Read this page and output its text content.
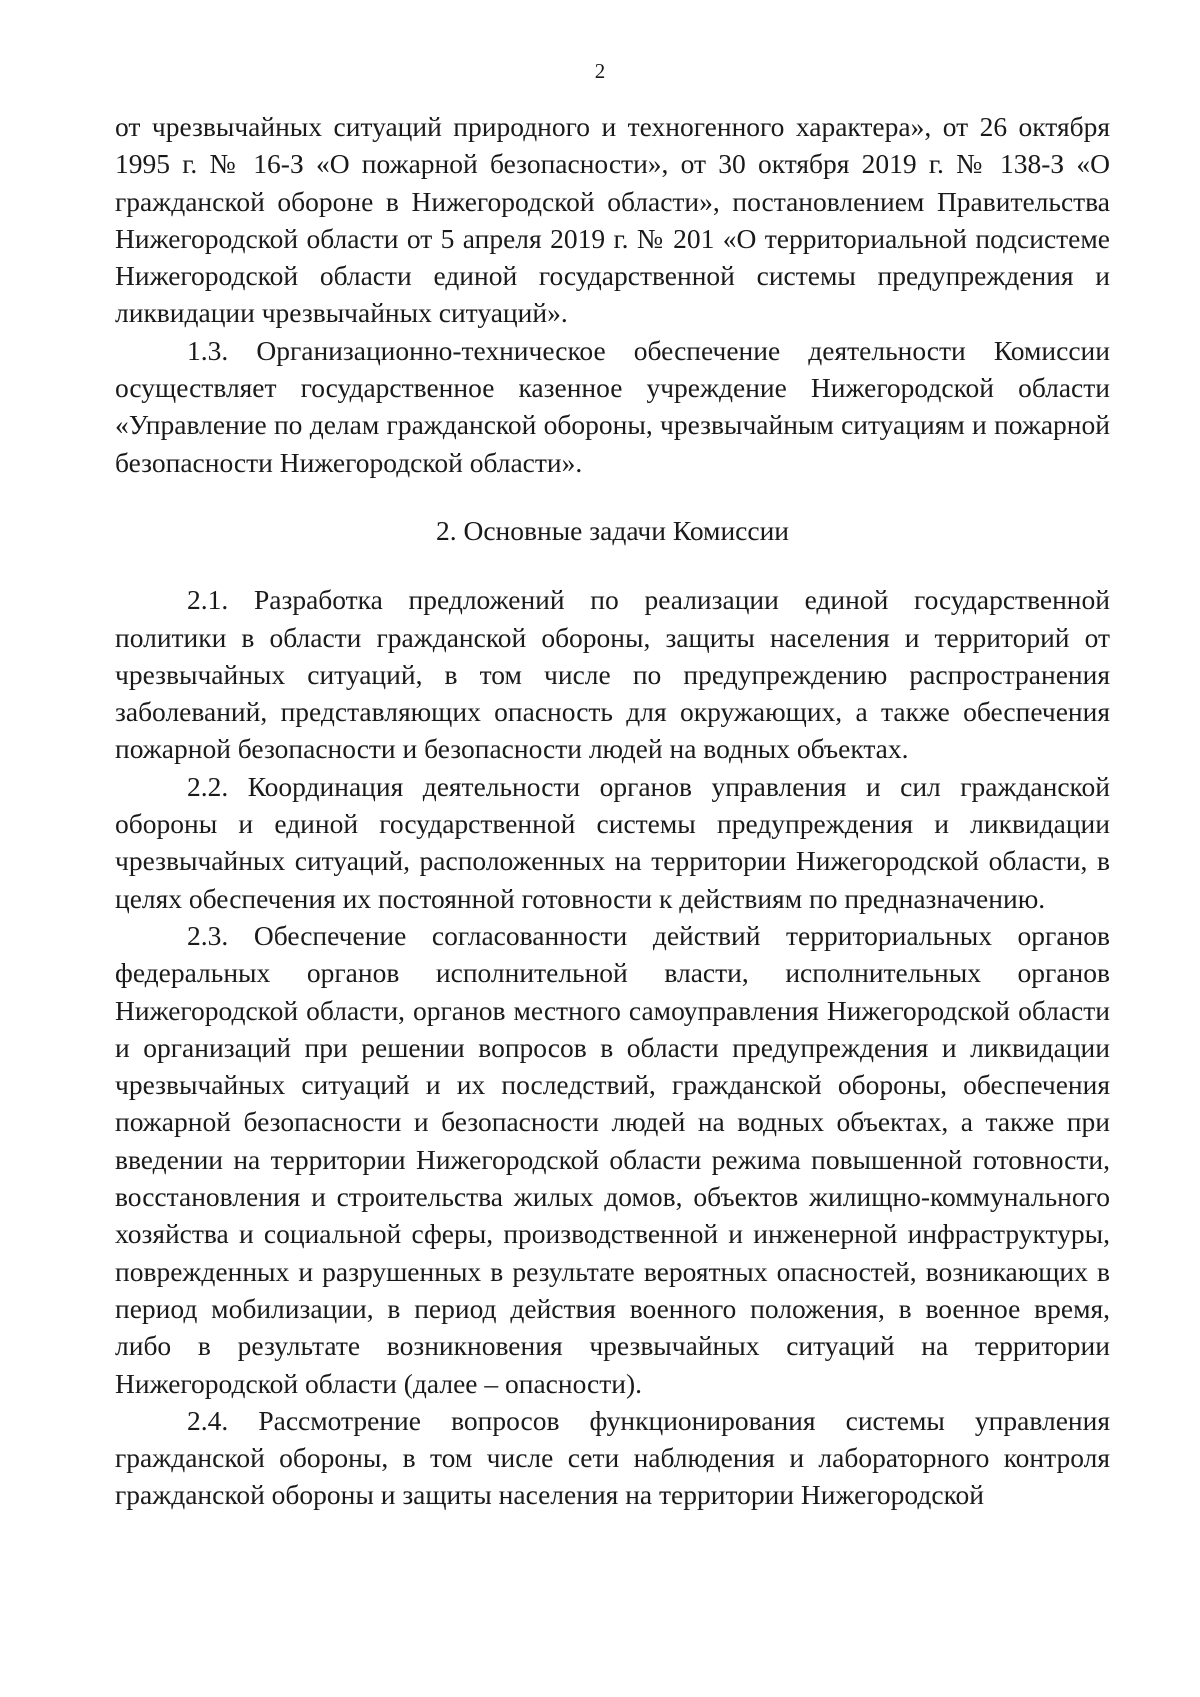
2

от чрезвычайных ситуаций природного и техногенного характера», от 26 октября 1995 г. № 16-З «О пожарной безопасности», от 30 октября 2019 г. № 138-З «О гражданской обороне в Нижегородской области», постановлением Правительства Нижегородской области от 5 апреля 2019 г. № 201 «О территориальной подсистеме Нижегородской области единой государственной системы предупреждения и ликвидации чрезвычайных ситуаций».

1.3. Организационно-техническое обеспечение деятельности Комиссии осуществляет государственное казенное учреждение Нижегородской области «Управление по делам гражданской обороны, чрезвычайным ситуациям и пожарной безопасности Нижегородской области».

2. Основные задачи Комиссии

2.1. Разработка предложений по реализации единой государственной политики в области гражданской обороны, защиты населения и территорий от чрезвычайных ситуаций, в том числе по предупреждению распространения заболеваний, представляющих опасность для окружающих, а также обеспечения пожарной безопасности и безопасности людей на водных объектах.

2.2. Координация деятельности органов управления и сил гражданской обороны и единой государственной системы предупреждения и ликвидации чрезвычайных ситуаций, расположенных на территории Нижегородской области, в целях обеспечения их постоянной готовности к действиям по предназначению.

2.3. Обеспечение согласованности действий территориальных органов федеральных органов исполнительной власти, исполнительных органов Нижегородской области, органов местного самоуправления Нижегородской области и организаций при решении вопросов в области предупреждения и ликвидации чрезвычайных ситуаций и их последствий, гражданской обороны, обеспечения пожарной безопасности и безопасности людей на водных объектах, а также при введении на территории Нижегородской области режима повышенной готовности, восстановления и строительства жилых домов, объектов жилищно-коммунального хозяйства и социальной сферы, производственной и инженерной инфраструктуры, поврежденных и разрушенных в результате вероятных опасностей, возникающих в период мобилизации, в период действия военного положения, в военное время, либо в результате возникновения чрезвычайных ситуаций на территории Нижегородской области (далее – опасности).

2.4. Рассмотрение вопросов функционирования системы управления гражданской обороны, в том числе сети наблюдения и лабораторного контроля гражданской обороны и защиты населения на территории Нижегородской
